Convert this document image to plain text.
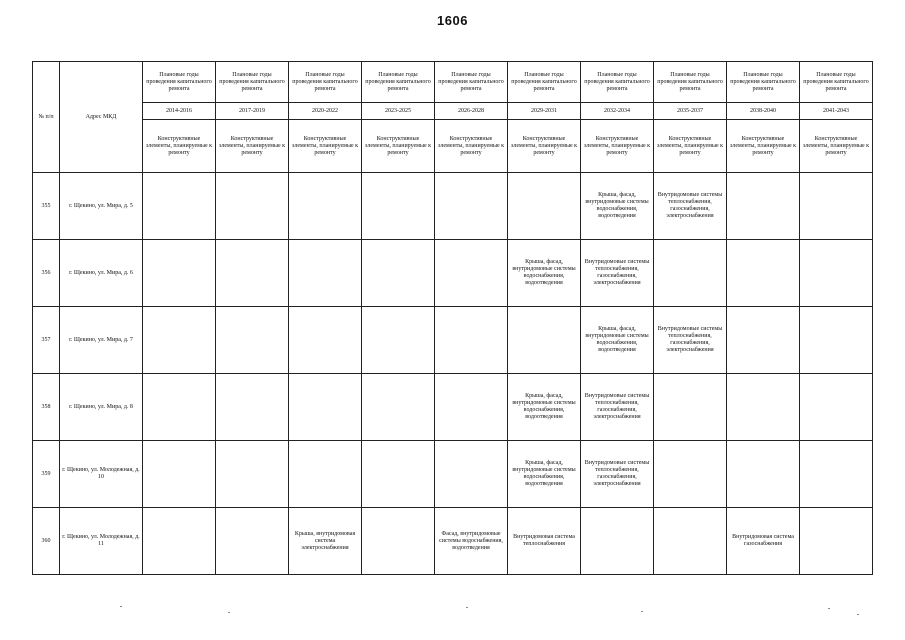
1606
№ п/п	Адрес МКД	Плановые годы проведения капитального ремонта	Плановые годы проведения капитального ремонта	Плановые годы проведения капитального ремонта	Плановые годы проведения капитального ремонта	Плановые годы проведения капитального ремонта	Плановые годы проведения капитального ремонта	Плановые годы проведения капитального ремонта	Плановые годы проведения капитального ремонта	Плановые годы проведения капитального ремонта	Плановые годы проведения капитального ремонта
		2014-2016	2017-2019	2020-2022	2023-2025	2026-2028	2029-2031	2032-2034	2035-2037	2038-2040	2041-2043
		Конструктивные элементы, планируемые к ремонту	Конструктивные элементы, планируемые к ремонту	Конструктивные элементы, планируемые к ремонту	Конструктивные элементы, планируемые к ремонту	Конструктивные элементы, планируемые к ремонту	Конструктивные элементы, планируемые к ремонту	Конструктивные элементы, планируемые к ремонту	Конструктивные элементы, планируемые к ремонту	Конструктивные элементы, планируемые к ремонту	Конструктивные элементы, планируемые к ремонту
355	г. Щекино, ул. Мира, д. 5							Крыша, фасад, внутридомовые системы водоснабжения, водоотведения	Внутридомовые системы теплоснабжения, газоснабжения, электроснабжения		
356	г. Щекино, ул. Мира, д. 6						Крыша, фасад, внутридомовые системы водоснабжения, водоотведения	Внутридомовые системы теплоснабжения, газоснабжения, электроснабжения			
357	г. Щекино, ул. Мира, д. 7							Крыша, фасад, внутридомовые системы водоснабжения, водоотведения	Внутридомовые системы теплоснабжения, газоснабжения, электроснабжения		
358	г. Щекино, ул. Мира, д. 8						Крыша, фасад, внутридомовые системы водоснабжения, водоотведения	Внутридомовые системы теплоснабжения, газоснабжения, электроснабжения			
359	г. Щекино, ул. Молодежная, д. 10						Крыша, фасад, внутридомовые системы водоснабжения, водоотведения	Внутридомовые системы теплоснабжения, газоснабжения, электроснабжения			
360	г. Щекино, ул. Молодежная, д. 11			Крыша, внутридомовая система электроснабжения		Фасад, внутридомовые системы водоснабжения, водоотведения	Внутридомовая система теплоснабжения			Внутридомовая система газоснабжения	
